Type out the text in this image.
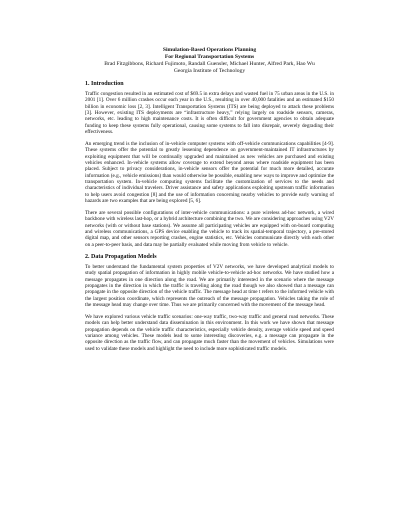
Simulation-Based Operations Planning

For Regional Transportation Systems

Brad Fitzgibbons, Richard Fujimoto, Randall Guensler, Michael Hunter, Alfred Park, Hao Wu

Georgia Institute of Technology

1. Introduction

Traffic congestion resulted in an estimated cost of $69.5 in extra delays and wasted fuel in 75 urban areas in the U.S. in 2001 [1]. Over 6 million crashes occur each year in the U.S., resulting in over 40,000 fatalities and an estimated $150 billion in economic loss [2, 3]. Intelligent Transportation Systems (ITS) are being deployed to attack these problems [3]. However, existing ITS deployments are “infrastructure heavy,” relying largely on roadside sensors, cameras, networks, etc. leading to high maintenance costs. It is often difficult for government agencies to obtain adequate funding to keep these systems fully operational, causing some systems to fall into disrepair, severely degrading their effectiveness.

An emerging trend is the inclusion of in-vehicle computer systems with off-vehicle communications capabilities [4-9]. These systems offer the potential to greatly lessening dependence on government-maintained IT infrastructures by exploiting equipment that will be continually upgraded and maintained as new vehicles are purchased and existing vehicles enhanced. In-vehicle systems allow coverage to extend beyond areas where roadside equipment has been placed. Subject to privacy considerations, in-vehicle sensors offer the potential for much more detailed, accurate information (e.g., vehicle emissions) than would otherwise be possible, enabling new ways to improve and optimize the transportation system. In-vehicle computing systems facilitate the customization of services to the needs and characteristics of individual travelers. Driver assistance and safety applications exploiting upstream traffic information to help users avoid congestion [8] and the use of information concerning nearby vehicles to provide early warning of hazards are two examples that are being explored [5, 6].

There are several possible configurations of inter-vehicle communications: a pure wireless ad-hoc network, a wired backbone with wireless last-hop, or a hybrid architecture combining the two. We are considering approaches using V2V networks (with or without base stations). We assume all participating vehicles are equipped with on-board computing and wireless communications, a GPS device enabling the vehicle to track its spatial-temporal trajectory, a pre-stored digital map, and other sensors reporting crashes, engine statistics, etc. Vehicles communicate directly with each other on a peer-to-peer basis, and data may be partially evaluated while moving from vehicle to vehicle.

2. Data Propagation Models

To better understand the fundamental system properties of V2V networks, we have developed analytical models to study spatial propagation of information in highly mobile vehicle-to-vehicle ad-hoc networks. We have studied how a message propagates in one direction along the road. We are primarily interested in the scenario where the message propagates in the direction in which the traffic is traveling along the road though we also showed that a message can propagate in the opposite direction of the vehicle traffic. The message head at time t refers to the informed vehicle with the largest position coordinate, which represents the outreach of the message propagation. Vehicles taking the role of the message head may change over time. Thus we are primarily concerned with the movement of the message head.

We have explored various vehicle traffic scenarios: one-way traffic, two-way traffic and general road networks. These models can help better understand data dissemination in this environment. In this work we have shown that message propagation depends on the vehicle traffic characteristics, especially vehicle density, average vehicle speed and speed variance among vehicles. These models lead to some interesting discoveries, e.g. a message can propagate in the opposite direction as the traffic flow, and can propagate much faster than the movement of vehicles. Simulations were used to validate these models and highlight the need to include more sophisticated traffic models.
